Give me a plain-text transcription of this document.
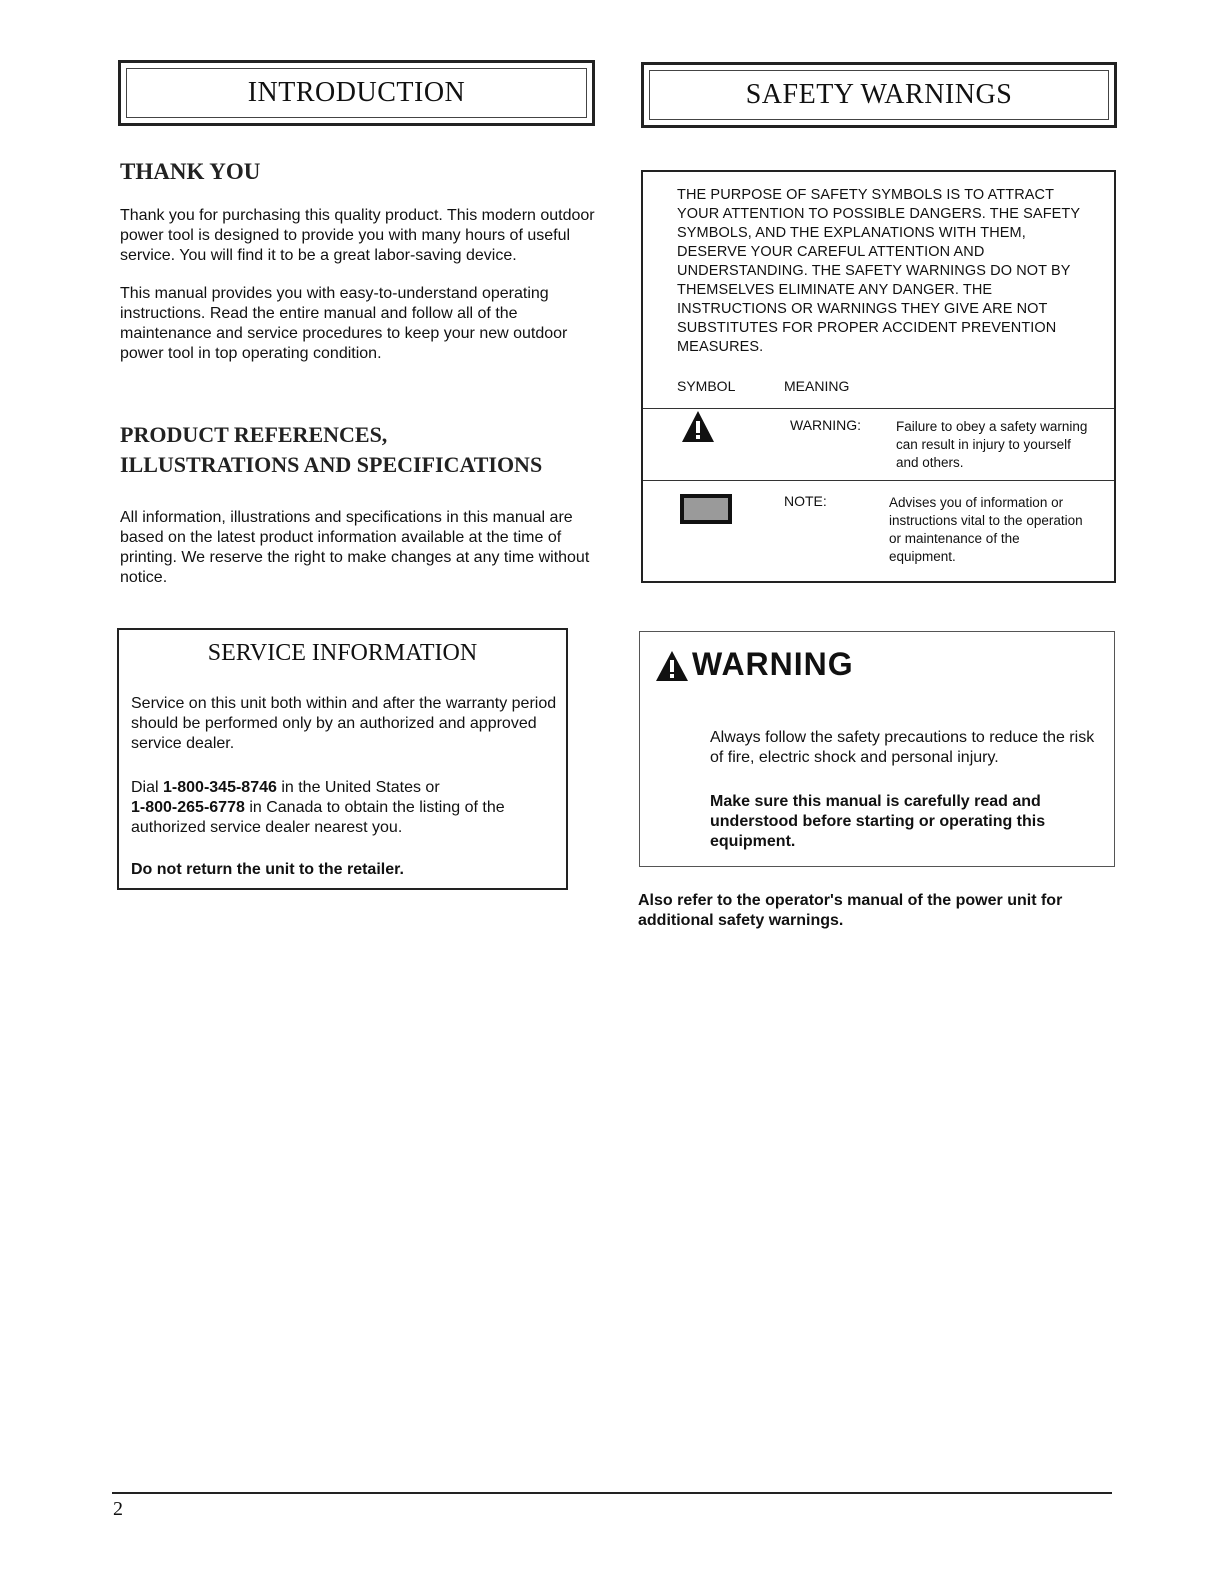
INTRODUCTION
THANK YOU

Thank you for purchasing this quality product. This modern outdoor power tool is designed to provide you with many hours of useful service. You will find it to be a great labor-saving device.

This manual provides you with easy-to-understand operating instructions. Read the entire manual and follow all of the maintenance and service procedures to keep your new outdoor power tool in top operating condition.

PRODUCT REFERENCES,
ILLUSTRATIONS AND SPECIFICATIONS
All information, illustrations and specifications in this manual are based on the latest product information available at the time of printing. We reserve the right to make changes at any time without notice.
SERVICE INFORMATION
Service on this unit both within and after the warranty period should be performed only by an authorized and approved service dealer.
Dial 1-800-345-8746 in the United States or
1-800-265-6778 in Canada to obtain the listing of the authorized service dealer nearest you.
Do not return the unit to the retailer.
SAFETY WARNINGS
THE PURPOSE OF SAFETY SYMBOLS IS TO ATTRACT YOUR ATTENTION TO POSSIBLE DANGERS. THE SAFETY SYMBOLS, AND THE EXPLANATIONS WITH THEM, DESERVE YOUR CAREFUL ATTENTION AND UNDERSTANDING. THE SAFETY WARNINGS DO NOT BY THEMSELVES ELIMINATE ANY DANGER. THE INSTRUCTIONS OR WARNINGS THEY GIVE ARE NOT SUBSTITUTES FOR PROPER ACCIDENT PREVENTION MEASURES.
SYMBOL	MEANING
WARNING:	Failure to obey a safety warning can result in injury to yourself and others.
NOTE:	Advises you of information or instructions vital to the operation or maintenance of the equipment.
WARNING
Always follow the safety precautions to reduce the risk of fire, electric shock and personal injury.
Make sure this manual is carefully read and understood before starting or operating this equipment.
Also refer to the operator's manual of the power unit for additional safety warnings.
2
